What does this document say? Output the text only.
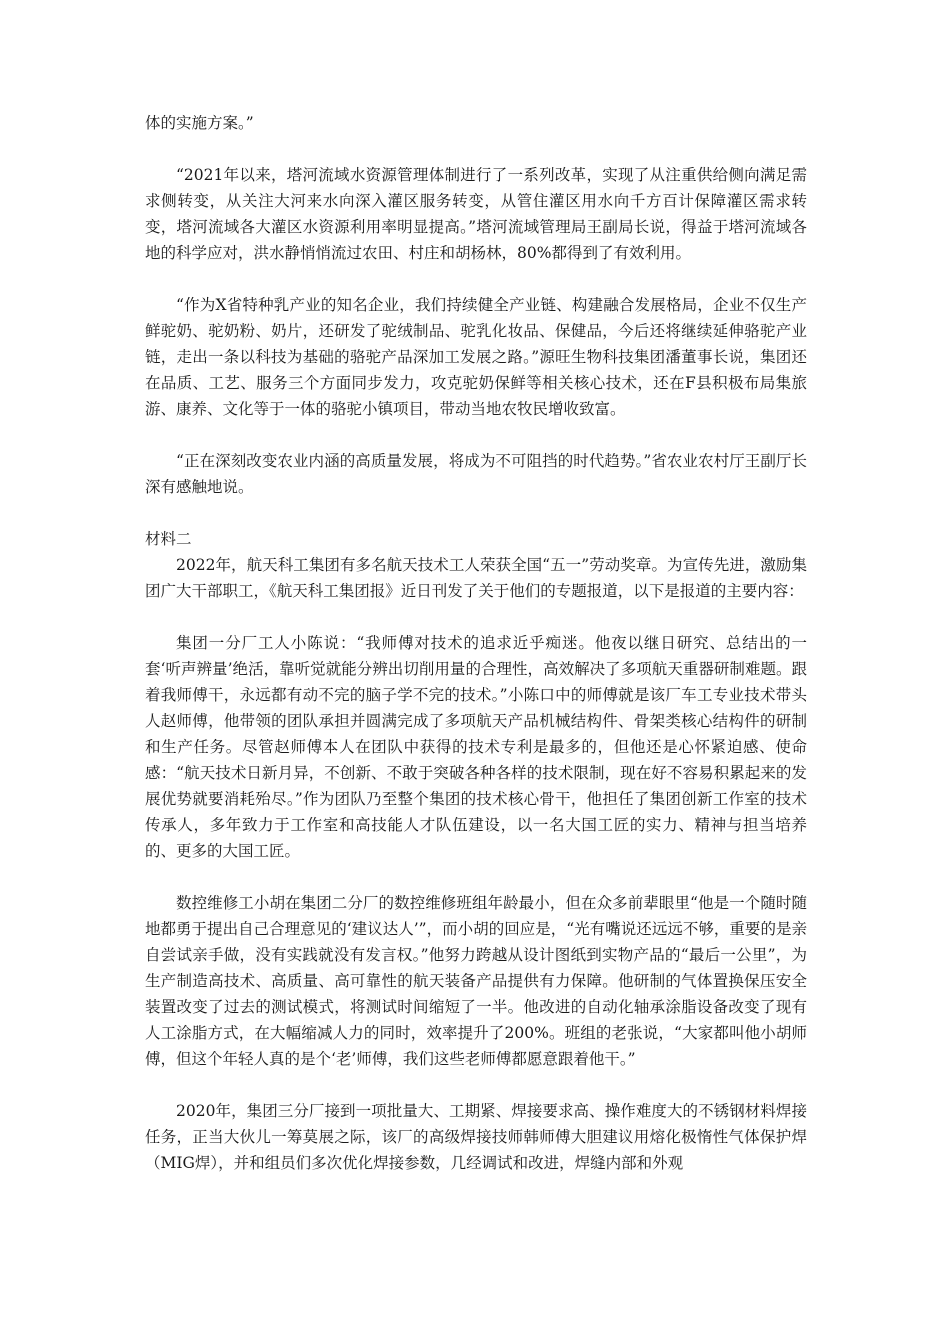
体的实施方案。”

“2021年以来，塔河流域水资源管理体制进行了一系列改革，实现了从注重供给侧向满足需求侧转变，从关注大河来水向深入灌区服务转变，从管住灌区用水向千方百计保障灌区需求转变，塔河流域各大灌区水资源利用率明显提高。”塔河流域管理局王副局长说，得益于塔河流域各地的科学应对，洪水静悄悄流过农田、村庄和胡杨林，80%都得到了有效利用。

“作为X省特种乳产业的知名企业，我们持续健全产业链、构建融合发展格局，企业不仅生产鲜驼奶、驼奶粉、奶片，还研发了驼绒制品、驼乳化妆品、保健品，今后还将继续延伸骆驼产业链，走出一条以科技为基础的骆驼产品深加工发展之路。”源旺生物科技集团潘董事长说，集团还在品质、工艺、服务三个方面同步发力，攻克驼奶保鲜等相关核心技术，还在F县积极布局集旅游、康养、文化等于一体的骆驼小镇项目，带动当地农牧民增收致富。

“正在深刻改变农业内涵的高质量发展，将成为不可阻挡的时代趋势。”省农业农村厅王副厅长深有感触地说。

材料二

2022年，航天科工集团有多名航天技术工人荣获全国“五一”劳动奖章。为宣传先进，激励集团广大干部职工，《航天科工集团报》近日刊发了关于他们的专题报道，以下是报道的主要内容：

集团一分厂工人小陈说：“我师傅对技术的追求近乎痴迷。他夜以继日研究、总结出的一套‘听声辨量’绝活，靠听觉就能分辨出切削用量的合理性，高效解决了多项航天重器研制难题。跟着我师傅干，永远都有动不完的脑子学不完的技术。”小陈口中的师傅就是该厂车工专业技术带头人赵师傅，他带领的团队承担并圆满完成了多项航天产品机械结构件、骨架类核心结构件的研制和生产任务。尽管赵师傅本人在团队中获得的技术专利是最多的，但他还是心怀紧迫感、使命感：“航天技术日新月异，不创新、不敢于突破各种各样的技术限制，现在好不容易积累起来的发展优势就要消耗殆尽。”作为团队乃至整个集团的技术核心骨干，他担任了集团创新工作室的技术传承人，多年致力于工作室和高技能人才队伍建设，以一名大国工匠的实力、精神与担当培养的、更多的大国工匠。

数控维修工小胡在集团二分厂的数控维修班组年龄最小，但在众多前辈眼里“他是一个随时随地都勇于提出自己合理意见的‘建议达人’”，而小胡的回应是，“光有嘴说还远远不够，重要的是亲自尝试亲手做，没有实践就没有发言权。”他努力跨越从设计图纸到实物产品的“最后一公里”，为生产制造高技术、高质量、高可靠性的航天装备产品提供有力保障。他研制的气体置换保压安全装置改变了过去的测试模式，将测试时间缩短了一半。他改进的自动化轴承涂脂设备改变了现有人工涂脂方式，在大幅缩减人力的同时，效率提升了200%。班组的老张说，“大家都叫他小胡师傅，但这个年轻人真的是个‘老’师傅，我们这些老师傅都愿意跟着他干。”

2020年，集团三分厂接到一项批量大、工期紧、焊接要求高、操作难度大的不锈钢材料焊接任务，正当大伙儿一筹莫展之际，该厂的高级焊接技师韩师傅大胆建议用熔化极惰性气体保护焊（MIG焊），并和组员们多次优化焊接参数，几经调试和改进，焊缝内部和外观
